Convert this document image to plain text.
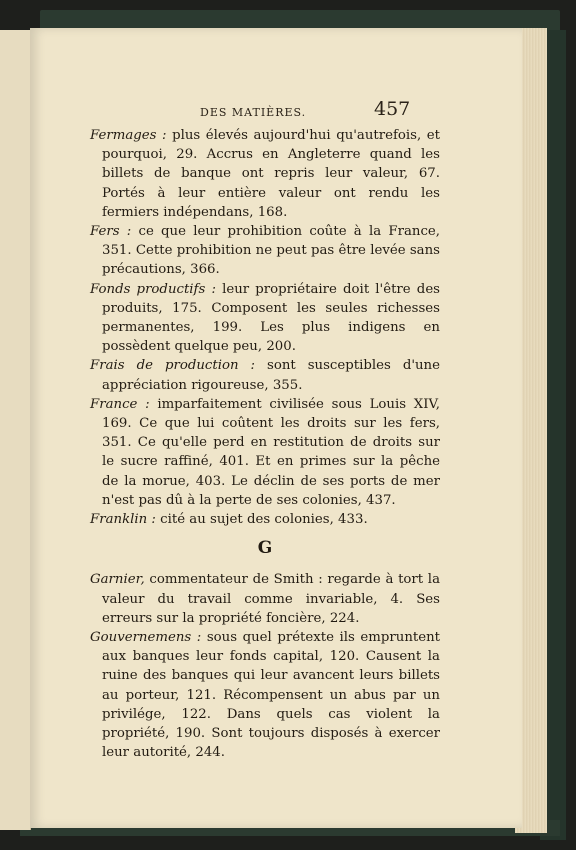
DES MATIÈRES.	457

Fermages : plus élevés aujourd'hui qu'autrefois, et pourquoi, 29. Accrus en Angleterre quand les billets de banque ont repris leur valeur, 67. Portés à leur entière valeur ont rendu les fermiers indépendans, 168.

Fers : ce que leur prohibition coûte à la France, 351. Cette prohibition ne peut pas être levée sans précautions, 366.

Fonds productifs : leur propriétaire doit l'être des produits, 175. Composent les seules richesses permanentes, 199. Les plus indigens en possèdent quelque peu, 200.

Frais de production : sont susceptibles d'une appréciation rigoureuse, 355.

France : imparfaitement civilisée sous Louis XIV, 169. Ce que lui coûtent les droits sur les fers, 351. Ce qu'elle perd en restitution de droits sur le sucre raffiné, 401. Et en primes sur la pêche de la morue, 403. Le déclin de ses ports de mer n'est pas dû à la perte de ses colonies, 437.

Franklin : cité au sujet des colonies, 433.

G

Garnier, commentateur de Smith : regarde à tort la valeur du travail comme invariable, 4. Ses erreurs sur la propriété foncière, 224.

Gouvernemens : sous quel prétexte ils empruntent aux banques leur fonds capital, 120. Causent la ruine des banques qui leur avancent leurs billets au porteur, 121. Récompensent un abus par un privilége, 122. Dans quels cas violent la propriété, 190. Sont toujours disposés à exercer leur autorité, 244.
